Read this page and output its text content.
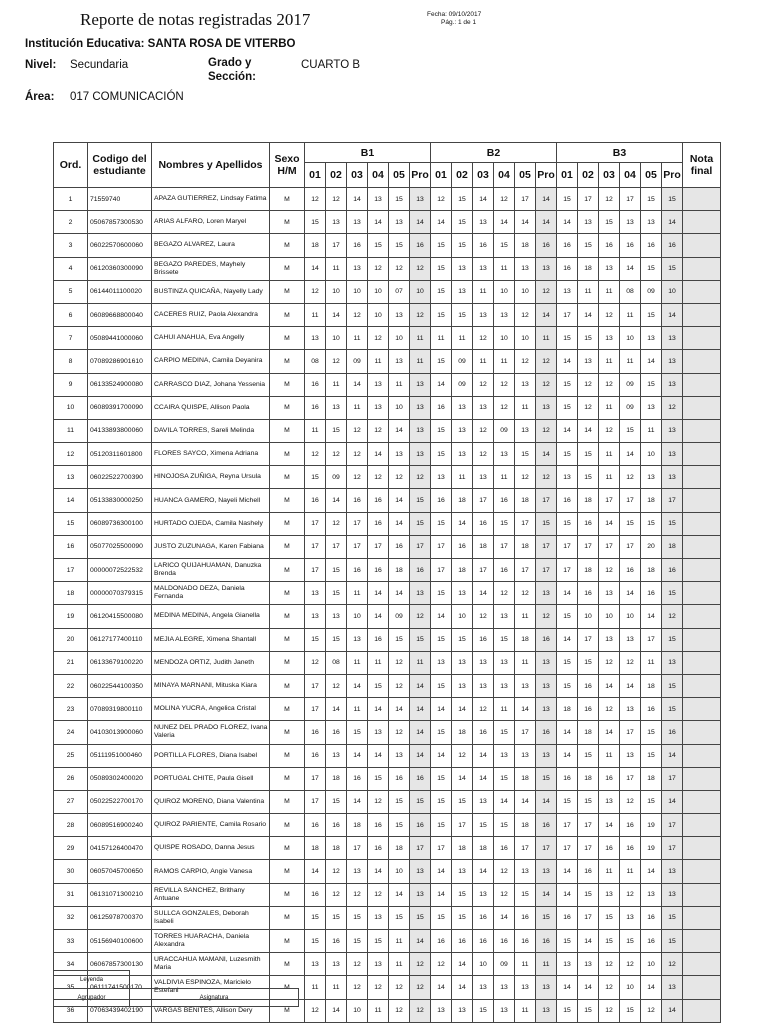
Reporte de notas registradas 2017	Fecha: 09/10/2017
Pág.: 1 de 1
Institución Educativa: SANTA ROSA DE VITERBO
Nivel: Secundaria	Grado y
Sección:
CUARTO B
Área: 017 COMUNICACIÓN
Ord.	Codigo del estudiante	Nombres y Apellidos	Sexo H/M	B1						B2						B3						Nota final
				01	02	03	04	05	Pro	01	02	03	04	05	Pro	01	02	03	04	05	Pro	
1	71559740	APAZA GUTIERREZ, Lindsay Fatima	M	12	12	14	13	15	13	12	15	14	12	17	14	15	17	12	17	15	15	
2	05067857300530	ARIAS ALFARO, Loren Maryel	M	15	13	13	14	13	14	14	15	13	14	14	14	14	13	15	13	13	14	
3	06022570600060	BEGAZO ALVAREZ, Laura	M	18	17	16	15	15	16	15	15	16	15	18	16	16	15	16	16	16	16	
4	06120360300090	BEGAZO PAREDES, Mayhely Brissete	M	14	11	13	12	12	12	15	13	13	11	13	13	16	18	13	14	15	15	
5	06144011100020	BUSTINZA QUICAÑA, Nayelly Lady	M	12	10	10	10	07	10	15	13	11	10	10	12	13	11	11	08	09	10	
6	06089668800040	CACERES RUIZ, Paola Alexandra	M	11	14	12	10	13	12	15	15	13	13	12	14	17	14	12	11	15	14	
7	05089441000060	CAHUI ANAHUA, Eva Angelly	M	13	10	11	12	10	11	11	11	12	10	10	11	15	15	13	10	13	13	
8	07089286901610	CARPIO MEDINA, Camila Deyanira	M	08	12	09	11	13	11	15	09	11	11	12	12	14	13	11	11	14	13	
9	06133524900080	CARRASCO DIAZ, Johana Yessenia	M	16	11	14	13	11	13	14	09	12	12	13	12	15	12	12	09	15	13	
10	06089391700090	CCAIRA QUISPE, Allison Paola	M	16	13	11	13	10	13	16	13	13	12	11	13	15	12	11	09	13	12	
11	04133893800060	DAVILA TORRES, Sareli Melinda	M	11	15	12	12	14	13	15	13	12	09	13	12	14	14	12	15	11	13	
12	05120311601800	FLORES SAYCO, Ximena Adriana	M	12	12	12	14	13	13	15	13	12	13	15	14	15	15	11	14	10	13	
13	06022522700390	HINOJOSA ZUÑIGA, Reyna Ursula	M	15	09	12	12	12	12	13	11	13	11	12	12	13	15	11	12	13	13	
14	05133830000250	HUANCA GAMERO, Nayeli Michell	M	16	14	16	16	14	15	16	18	17	16	18	17	16	18	17	17	18	17	
15	06089736300100	HURTADO OJEDA, Camila Nashely	M	17	12	17	16	14	15	15	14	16	15	17	15	15	16	14	15	15	15	
16	05077025500090	JUSTO ZUZUNAGA, Karen Fabiana	M	17	17	17	17	16	17	17	16	18	17	18	17	17	17	17	17	20	18	
17	00000072522532	LARICO QUIJAHUAMAN, Danuzka Brenda	M	17	15	16	16	18	16	17	18	17	16	17	17	17	18	12	16	18	16	
18	00000070379315	MALDONADO DEZA, Daniela Fernanda	M	13	15	11	14	14	13	15	13	14	12	12	13	14	16	13	14	16	15	
19	06120415500080	MEDINA MEDINA, Angela Gianella	M	13	13	10	14	09	12	14	10	12	13	11	12	15	10	10	10	14	12	
20	06127177400110	MEJIA ALEGRE, Ximena Shantall	M	15	15	13	16	15	15	15	15	16	15	18	16	14	17	13	13	17	15	
21	06133679100220	MENDOZA ORTIZ, Judith Janeth	M	12	08	11	11	12	11	13	13	13	13	11	13	15	15	12	12	11	13	
22	06022544100350	MINAYA MARNANI, Mituska Kiara	M	17	12	14	15	12	14	15	13	13	13	13	13	15	16	14	14	18	15	
23	07089319800110	MOLINA YUCRA, Angelica Cristal	M	17	14	11	14	14	14	14	14	12	11	14	13	18	16	12	13	16	15	
24	04103013900060	NUNEZ DEL PRADO FLOREZ, Ivana Valeria	M	16	16	15	13	12	14	15	18	16	15	17	16	14	18	14	17	15	16	
25	05111951000460	PORTILLA FLORES, Diana Isabel	M	16	13	14	14	13	14	14	12	14	13	13	13	14	15	11	13	15	14	
26	05089302400020	PORTUGAL CHITE, Paula Gisell	M	17	18	16	15	16	16	15	14	14	15	18	15	16	18	16	17	18	17	
27	05022522700170	QUIROZ MORENO, Diana Valentina	M	17	15	14	12	15	15	15	15	13	14	14	14	15	15	13	12	15	14	
28	06089516900240	QUIROZ PARIENTE, Camila Rosario	M	16	16	18	16	15	16	15	17	15	15	18	16	17	17	14	16	19	17	
29	04157126400470	QUISPE ROSADO, Danna Jesus	M	18	18	17	16	18	17	17	18	18	16	17	17	17	17	16	16	19	17	
30	06057045700650	RAMOS CARPIO, Angie Vanesa	M	14	12	13	14	10	13	14	13	14	12	13	13	14	16	11	11	14	13	
31	06131071300210	REVILLA SANCHEZ, Brithany Antuane	M	16	12	12	12	14	13	14	15	13	12	15	14	14	15	13	12	13	13	
32	06125978700370	SULLCA GONZALES, Deborah Isabeli	M	15	15	15	13	15	15	15	15	16	14	16	15	16	17	15	13	16	15	
33	05156940100600	TORRES HUARACHA, Daniela Alexandra	M	15	16	15	15	11	14	16	16	16	16	16	16	15	14	15	15	16	15	
34	06067857300130	URACCAHUA MAMANI, Luzesmith Maria	M	13	13	12	13	11	12	12	14	10	09	11	11	13	13	12	12	10	12	
35	06111741500170	VALDIVIA ESPINOZA, Maricielo Estefani	M	11	11	12	12	12	12	14	14	13	13	13	13	14	14	12	10	14	13	
36	07063439402190	VARGAS BENITES, Allison Dery	M	12	14	10	11	12	12	13	13	15	13	11	13	15	15	12	15	12	14	
Leyenda	
Agrupador	Asignatura
